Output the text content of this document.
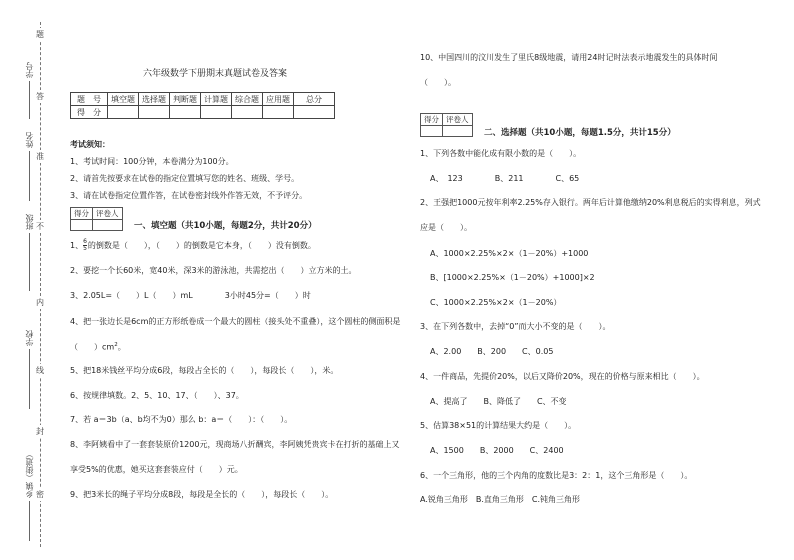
学号
姓名
班级
学校
乡镇（街道）
题
答
准
不
内
线
封
密
六年级数学下册期末真题试卷及答案
题　号	填空题	选择题	判断题	计算题	综合题	应用题	总分
得　分							
考试须知：
1、考试时间：100分钟，本卷满分为100分。
2、请首先按要求在试卷的指定位置填写您的姓名、班级、学号。
3、请在试卷指定位置作答，在试卷密封线外作答无效，不予评分。
得分	评卷人

一、填空题（共10小题，每题2分，共计20分）
1、 $\frac{6}{5}$ 的倒数是（　　），（　　）的倒数是它本身，（　　）没有倒数。
2、要挖一个长60米，宽40米，深3米的游泳池，共需挖出（　　）立方米的土。
3、2.05L=（　　）L（　　）mL　　　　3小时45分=（　　）时
4、把一张边长是6cm的正方形纸卷成一个最大的圆柱（接头处不重叠），这个圆柱的侧面积是
（　　）$cm^2$。
5、把18米钱丝平均分成6段，每段占全长的（　　），每段长（　　），米。
6、按规律填数。2、5、10、17、（　　）、37。
7、若 a＝3b（a、b均不为0）那么 b：a＝（　　）：（　　）。
8、李阿姨看中了一套套装原价1200元，现商场八折酬宾，李阿姨凭贵宾卡在打折的基础上又
享受5%的优惠，她买这套套装应付（　　）元。
9、把3米长的绳子平均分成8段，每段是全长的（　　），每段长（　　）。
10、中国四川的汶川发生了里氏8级地震，请用24时记时法表示地震发生的具体时间
（　　）。
得分	评卷人

二、选择题（共10小题，每题1.5分，共计15分）
1、下列各数中能化成有限小数的是（　　）。
A、　123　　　　B、211　　　　C、65
2、王强把1000元按年利率2.25%存入银行。两年后计算他缴纳20%利息税后的实得利息，列式
应是（　　）。
A、1000×2.25%×2×（1－20%）+1000
B、[1000×2.25%×（1－20%）+1000]×2
C、1000×2.25%×2×（1－20%）
3、在下列各数中，去掉“0”而大小不变的是（　　）。
A、2.00　　B、200　　C、0.05
4、一件商品，先提价20%，以后又降价20%，现在的价格与原来相比（　　）。
A、提高了　　B、降低了　　C、不变
5、估算38×51的计算结果大约是（　　）。
A、1500　　B、2000　　C、2400
6、一个三角形，他的三个内角的度数比是3：2：1，这个三角形是（　　）。
A.锐角三角形　B.直角三角形　C.钝角三角形
